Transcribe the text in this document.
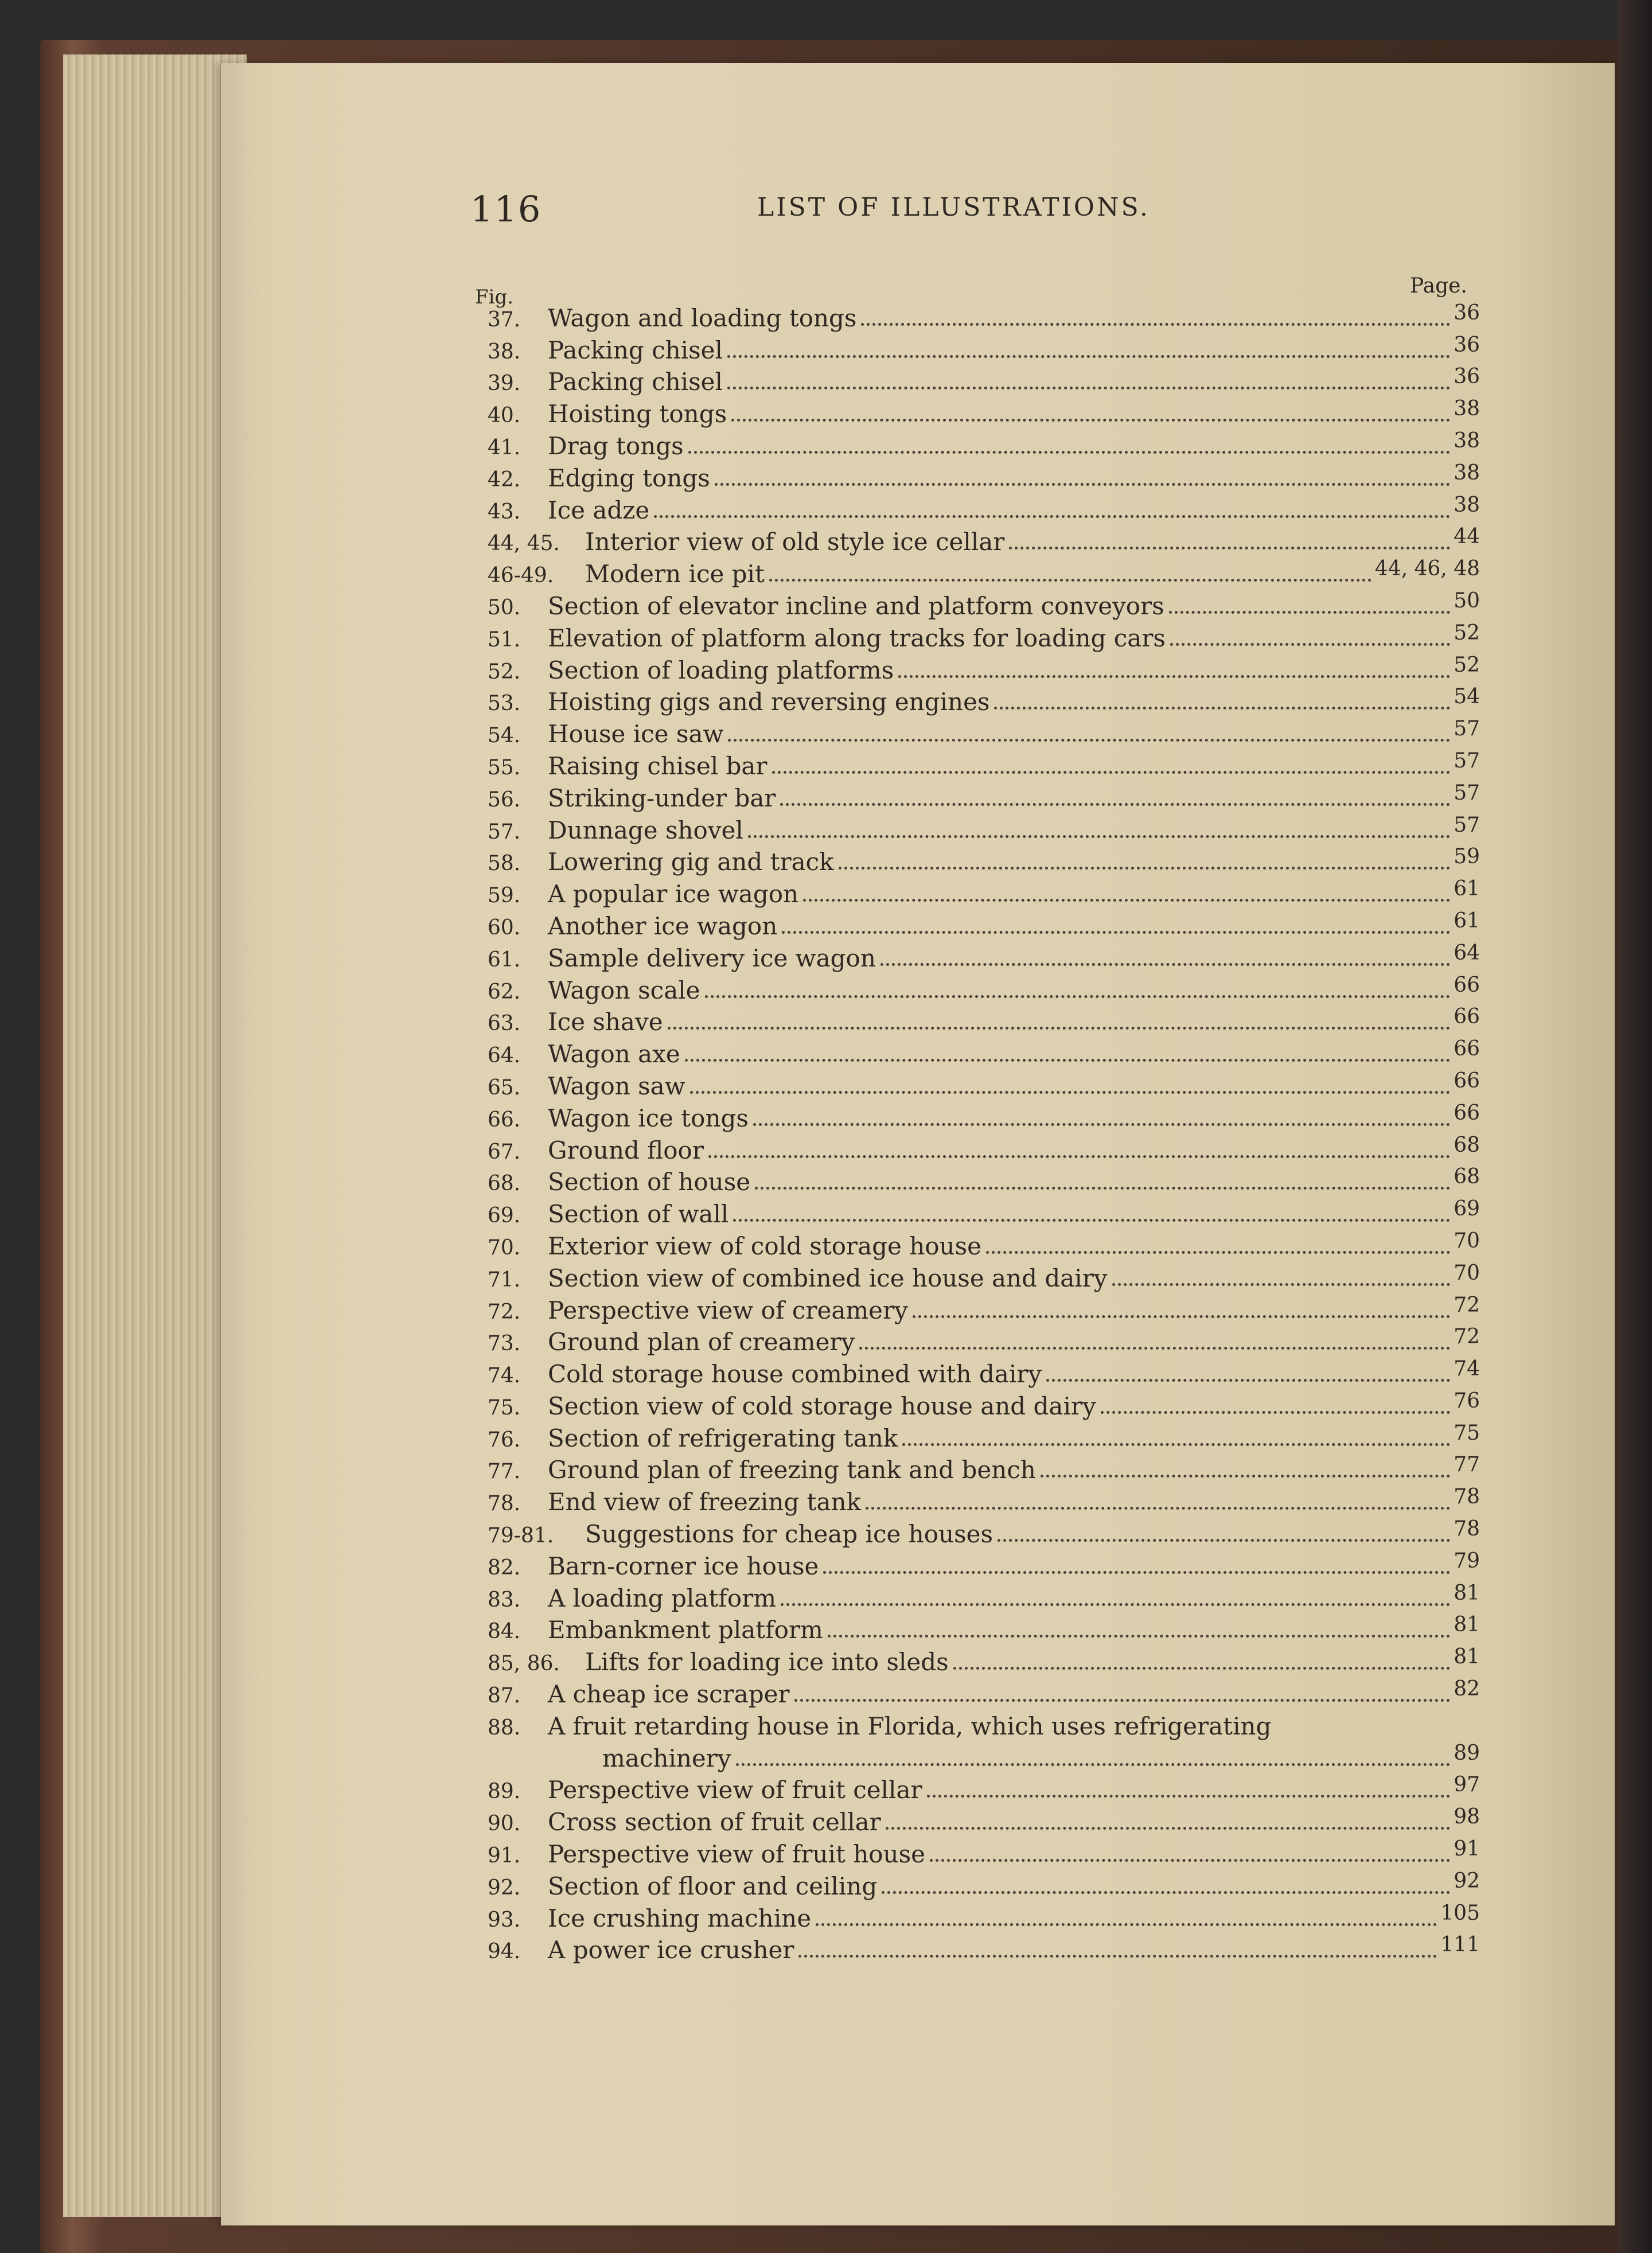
116	LIST OF ILLUSTRATIONS.
Fig.	Page.
37.	Wagon and loading tongs	36
38.	Packing chisel	36
39.	Packing chisel	36
40.	Hoisting tongs	38
41.	Drag tongs	38
42.	Edging tongs	38
43.	Ice adze	38
44, 45.	Interior view of old style ice cellar	44
46-49.	Modern ice pit	44, 46, 48
50.	Section of elevator incline and platform conveyors	50
51.	Elevation of platform along tracks for loading cars	52
52.	Section of loading platforms	52
53.	Hoisting gigs and reversing engines	54
54.	House ice saw	57
55.	Raising chisel bar	57
56.	Striking-under bar	57
57.	Dunnage shovel	57
58.	Lowering gig and track	59
59.	A popular ice wagon	61
60.	Another ice wagon	61
61.	Sample delivery ice wagon	64
62.	Wagon scale	66
63.	Ice shave	66
64.	Wagon axe	66
65.	Wagon saw	66
66.	Wagon ice tongs	66
67.	Ground floor	68
68.	Section of house	68
69.	Section of wall	69
70.	Exterior view of cold storage house	70
71.	Section view of combined ice house and dairy	70
72.	Perspective view of creamery	72
73.	Ground plan of creamery	72
74.	Cold storage house combined with dairy	74
75.	Section view of cold storage house and dairy	76
76.	Section of refrigerating tank	75
77.	Ground plan of freezing tank and bench	77
78.	End view of freezing tank	78
79-81.	Suggestions for cheap ice houses	78
82.	Barn-corner ice house	79
83.	A loading platform	81
84.	Embankment platform	81
85, 86.	Lifts for loading ice into sleds	81
87.	A cheap ice scraper	82
88.	A fruit retarding house in Florida, which uses refrigerating
machinery	89
89.	Perspective view of fruit cellar	97
90.	Cross section of fruit cellar	98
91.	Perspective view of fruit house	91
92.	Section of floor and ceiling	92
93.	Ice crushing machine	105
94.	A power ice crusher	111
